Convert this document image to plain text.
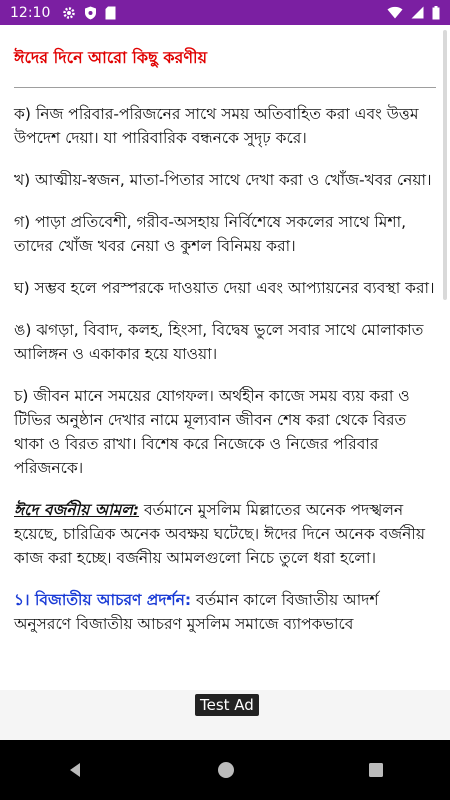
12:10
ঈদের দিনে আরো কিছু করণীয়

ক) নিজ পরিবার-পরিজনের সাথে সময় অতিবাহিত করা এবং উত্তম উপদেশ দেয়া। যা পারিবারিক বন্ধনকে সুদৃঢ় করে।

খ) আত্মীয়-স্বজন, মাতা-পিতার সাথে দেখা করা ও খোঁজ-খবর নেয়া।

গ) পাড়া প্রতিবেশী, গরীব-অসহায় নির্বিশেষে সকলের সাথে মিশা, তাদের খোঁজ খবর নেয়া ও কুশল বিনিময় করা।

ঘ) সম্ভব হলে পরস্পরকে দাওয়াত দেয়া এবং আপ্যায়নের ব্যবস্থা করা।

ঙ) ঝগড়া, বিবাদ, কলহ, হিংসা, বিদ্বেষ ভুলে সবার সাথে মোলাকাত আলিঙ্গন ও একাকার হয়ে যাওয়া।

চ) জীবন মানে সময়ের যোগফল। অর্থহীন কাজে সময় ব্যয় করা ও টিভির অনুষ্ঠান দেখার নামে মূল্যবান জীবন শেষ করা থেকে বিরত থাকা ও বিরত রাখা। বিশেষ করে নিজেকে ও নিজের পরিবার পরিজনকে।

ঈদে বর্জনীয় আমল: বর্তমানে মুসলিম মিল্লাতের অনেক পদস্খলন হয়েছে, চারিত্রিক অনেক অবক্ষয় ঘটেছে। ঈদের দিনে অনেক বর্জনীয় কাজ করা হচ্ছে। বর্জনীয় আমলগুলো নিচে তুলে ধরা হলো।

১। বিজাতীয় আচরণ প্রদর্শন: বর্তমান কালে বিজাতীয় আদর্শ অনুসরণে বিজাতীয় আচরণ মুসলিম সমাজে ব্যাপকভাবে

Test Ad
